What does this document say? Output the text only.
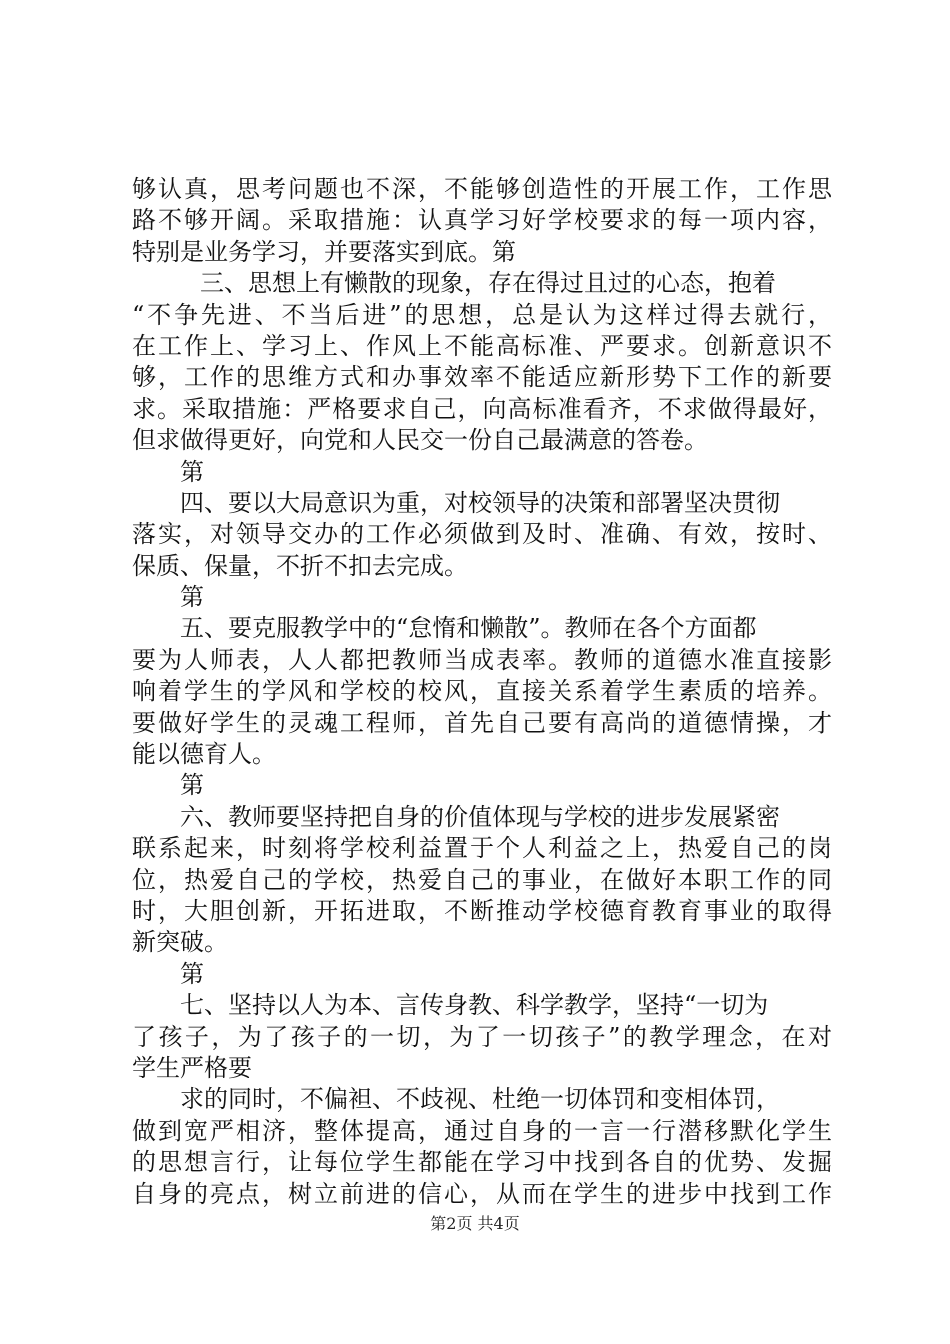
够认真，思考问题也不深，不能够创造性的开展工作，工作思
路不够开阔。采取措施：认真学习好学校要求的每一项内容，
特别是业务学习，并要落实到底。第
三、思想上有懒散的现象，存在得过且过的心态，抱着
“不争先进、不当后进”的思想，总是认为这样过得去就行，
在工作上、学习上、作风上不能高标准、严要求。创新意识不
够，工作的思维方式和办事效率不能适应新形势下工作的新要
求。采取措施：严格要求自己，向高标准看齐，不求做得最好，
但求做得更好，向党和人民交一份自己最满意的答卷。
第
四、要以大局意识为重，对校领导的决策和部署坚决贯彻
落实，对领导交办的工作必须做到及时、准确、有效，按时、
保质、保量，不折不扣去完成。
第
五、要克服教学中的“怠惰和懒散”。教师在各个方面都
要为人师表，人人都把教师当成表率。教师的道德水准直接影
响着学生的学风和学校的校风，直接关系着学生素质的培养。
要做好学生的灵魂工程师，首先自己要有高尚的道德情操，才
能以德育人。
第
六、教师要坚持把自身的价值体现与学校的进步发展紧密
联系起来，时刻将学校利益置于个人利益之上，热爱自己的岗
位，热爱自己的学校，热爱自己的事业，在做好本职工作的同
时，大胆创新，开拓进取，不断推动学校德育教育事业的取得
新突破。
第
七、坚持以人为本、言传身教、科学教学，坚持“一切为
了孩子，为了孩子的一切，为了一切孩子”的教学理念，在对
学生严格要
求的同时，不偏袒、不歧视、杜绝一切体罚和变相体罚，
做到宽严相济，整体提高，通过自身的一言一行潜移默化学生
的思想言行，让每位学生都能在学习中找到各自的优势、发掘
自身的亮点，树立前进的信心，从而在学生的进步中找到工作
第2页 共4页
